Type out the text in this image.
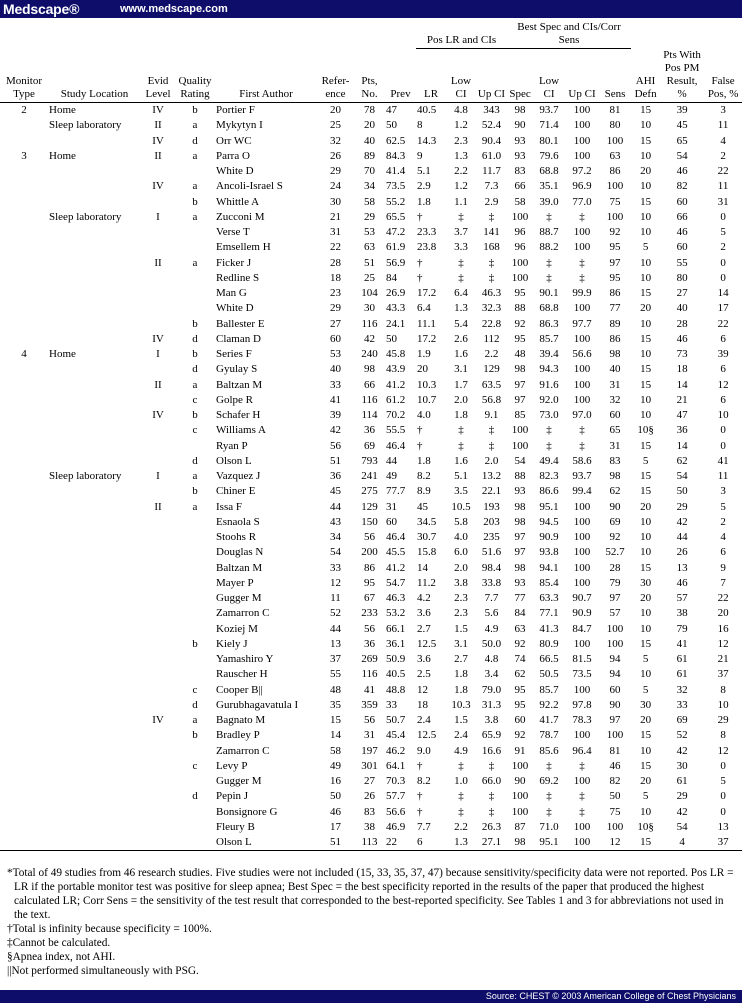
Medscape®	www.medscape.com
								Pos LR and CIs			Best Spec and CIs/Corr Sens						
Monitor Type	Study Location	Evid Level	Quality Rating	First Author	Refer-ence	Pts, No.	Prev	LR	Low CI	Up CI	Spec	Low CI	Up CI	Sens	AHI Defn	Pts With Pos PM Result, %	False Pos, %
2	Home	IV	b	Portier F	20	78	47	40.5	4.8	343	98	93.7	100	81	15	39	3
	Sleep laboratory	II	a	Mykytyn I	25	20	50	8	1.2	52.4	90	71.4	100	80	10	45	11
		IV	d	Orr WC	32	40	62.5	14.3	2.3	90.4	93	80.1	100	100	15	65	4
3	Home	II	a	Parra O	26	89	84.3	9	1.3	61.0	93	79.6	100	63	10	54	2
				White D	29	70	41.4	5.1	2.2	11.7	83	68.8	97.2	86	20	46	22
		IV	a	Ancoli-Israel S	24	34	73.5	2.9	1.2	7.3	66	35.1	96.9	100	10	82	11
			b	Whittle A	30	58	55.2	1.8	1.1	2.9	58	39.0	77.0	75	15	60	31
	Sleep laboratory	I	a	Zucconi M	21	29	65.5	†	‡	‡	100	‡	‡	100	10	66	0
				Verse T	31	53	47.2	23.3	3.7	141	96	88.7	100	92	10	46	5
				Emsellem H	22	63	61.9	23.8	3.3	168	96	88.2	100	95	5	60	2
		II	a	Ficker J	28	51	56.9	†	‡	‡	100	‡	‡	97	10	55	0
				Redline S	18	25	84	†	‡	‡	100	‡	‡	95	10	80	0
				Man G	23	104	26.9	17.2	6.4	46.3	95	90.1	99.9	86	15	27	14
				White D	29	30	43.3	6.4	1.3	32.3	88	68.8	100	77	20	40	17
			b	Ballester E	27	116	24.1	11.1	5.4	22.8	92	86.3	97.7	89	10	28	22
		IV	d	Claman D	60	42	50	17.2	2.6	112	95	85.7	100	86	15	46	6
4	Home	I	b	Series F	53	240	45.8	1.9	1.6	2.2	48	39.4	56.6	98	10	73	39
			d	Gyulay S	40	98	43.9	20	3.1	129	98	94.3	100	40	15	18	6
		II	a	Baltzan M	33	66	41.2	10.3	1.7	63.5	97	91.6	100	31	15	14	12
			c	Golpe R	41	116	61.2	10.7	2.0	56.8	97	92.0	100	32	10	21	6
		IV	b	Schafer H	39	114	70.2	4.0	1.8	9.1	85	73.0	97.0	60	10	47	10
			c	Williams A	42	36	55.5	†	‡	‡	100	‡	‡	65	10§	36	0
				Ryan P	56	69	46.4	†	‡	‡	100	‡	‡	31	15	14	0
			d	Olson L	51	793	44	1.8	1.6	2.0	54	49.4	58.6	83	5	62	41
	Sleep laboratory	I	a	Vazquez J	36	241	49	8.2	5.1	13.2	88	82.3	93.7	98	15	54	11
			b	Chiner E	45	275	77.7	8.9	3.5	22.1	93	86.6	99.4	62	15	50	3
		II	a	Issa F	44	129	31	45	10.5	193	98	95.1	100	90	20	29	5
				Esnaola S	43	150	60	34.5	5.8	203	98	94.5	100	69	10	42	2
				Stoohs R	34	56	46.4	30.7	4.0	235	97	90.9	100	92	10	44	4
				Douglas N	54	200	45.5	15.8	6.0	51.6	97	93.8	100	52.7	10	26	6
				Baltzan M	33	86	41.2	14	2.0	98.4	98	94.1	100	28	15	13	9
				Mayer P	12	95	54.7	11.2	3.8	33.8	93	85.4	100	79	30	46	7
				Gugger M	11	67	46.3	4.2	2.3	7.7	77	63.3	90.7	97	20	57	22
				Zamarron C	52	233	53.2	3.6	2.3	5.6	84	77.1	90.9	57	10	38	20
				Koziej M	44	56	66.1	2.7	1.5	4.9	63	41.3	84.7	100	10	79	16
			b	Kiely J	13	36	36.1	12.5	3.1	50.0	92	80.9	100	100	15	41	12
				Yamashiro Y	37	269	50.9	3.6	2.7	4.8	74	66.5	81.5	94	5	61	21
				Rauscher H	55	116	40.5	2.5	1.8	3.4	62	50.5	73.5	94	10	61	37
			c	Cooper B||	48	41	48.8	12	1.8	79.0	95	85.7	100	60	5	32	8
			d	Gurubhagavatula I	35	359	33	18	10.3	31.3	95	92.2	97.8	90	30	33	10
		IV	a	Bagnato M	15	56	50.7	2.4	1.5	3.8	60	41.7	78.3	97	20	69	29
			b	Bradley P	14	31	45.4	12.5	2.4	65.9	92	78.7	100	100	15	52	8
				Zamarron C	58	197	46.2	9.0	4.9	16.6	91	85.6	96.4	81	10	42	12
			c	Levy P	49	301	64.1	†	‡	‡	100	‡	‡	46	15	30	0
				Gugger M	16	27	70.3	8.2	1.0	66.0	90	69.2	100	82	20	61	5
			d	Pepin J	50	26	57.7	†	‡	‡	100	‡	‡	50	5	29	0
				Bonsignore G	46	83	56.6	†	‡	‡	100	‡	‡	75	10	42	0
				Fleury B	17	38	46.9	7.7	2.2	26.3	87	71.0	100	100	10§	54	13
				Olson L	51	113	22	6	1.3	27.1	98	95.1	100	12	15	4	37

*Total of 49 studies from 46 research studies. Five studies were not included (15, 33, 35, 37, 47) because sensitivity/specificity data were not reported. Pos LR = LR if the portable monitor test was positive for sleep apnea; Best Spec = the best specificity reported in the results of the paper that produced the highest calculated LR; Corr Sens = the sensitivity of the test result that corresponded to the best-reported specificity. See Tables 1 and 3 for abbreviations not used in the text.

†Total is infinity because specificity = 100%.

‡Cannot be calculated.

§Apnea index, not AHI.

||Not performed simultaneously with PSG.

Source: CHEST © 2003 American College of Chest Physicians
